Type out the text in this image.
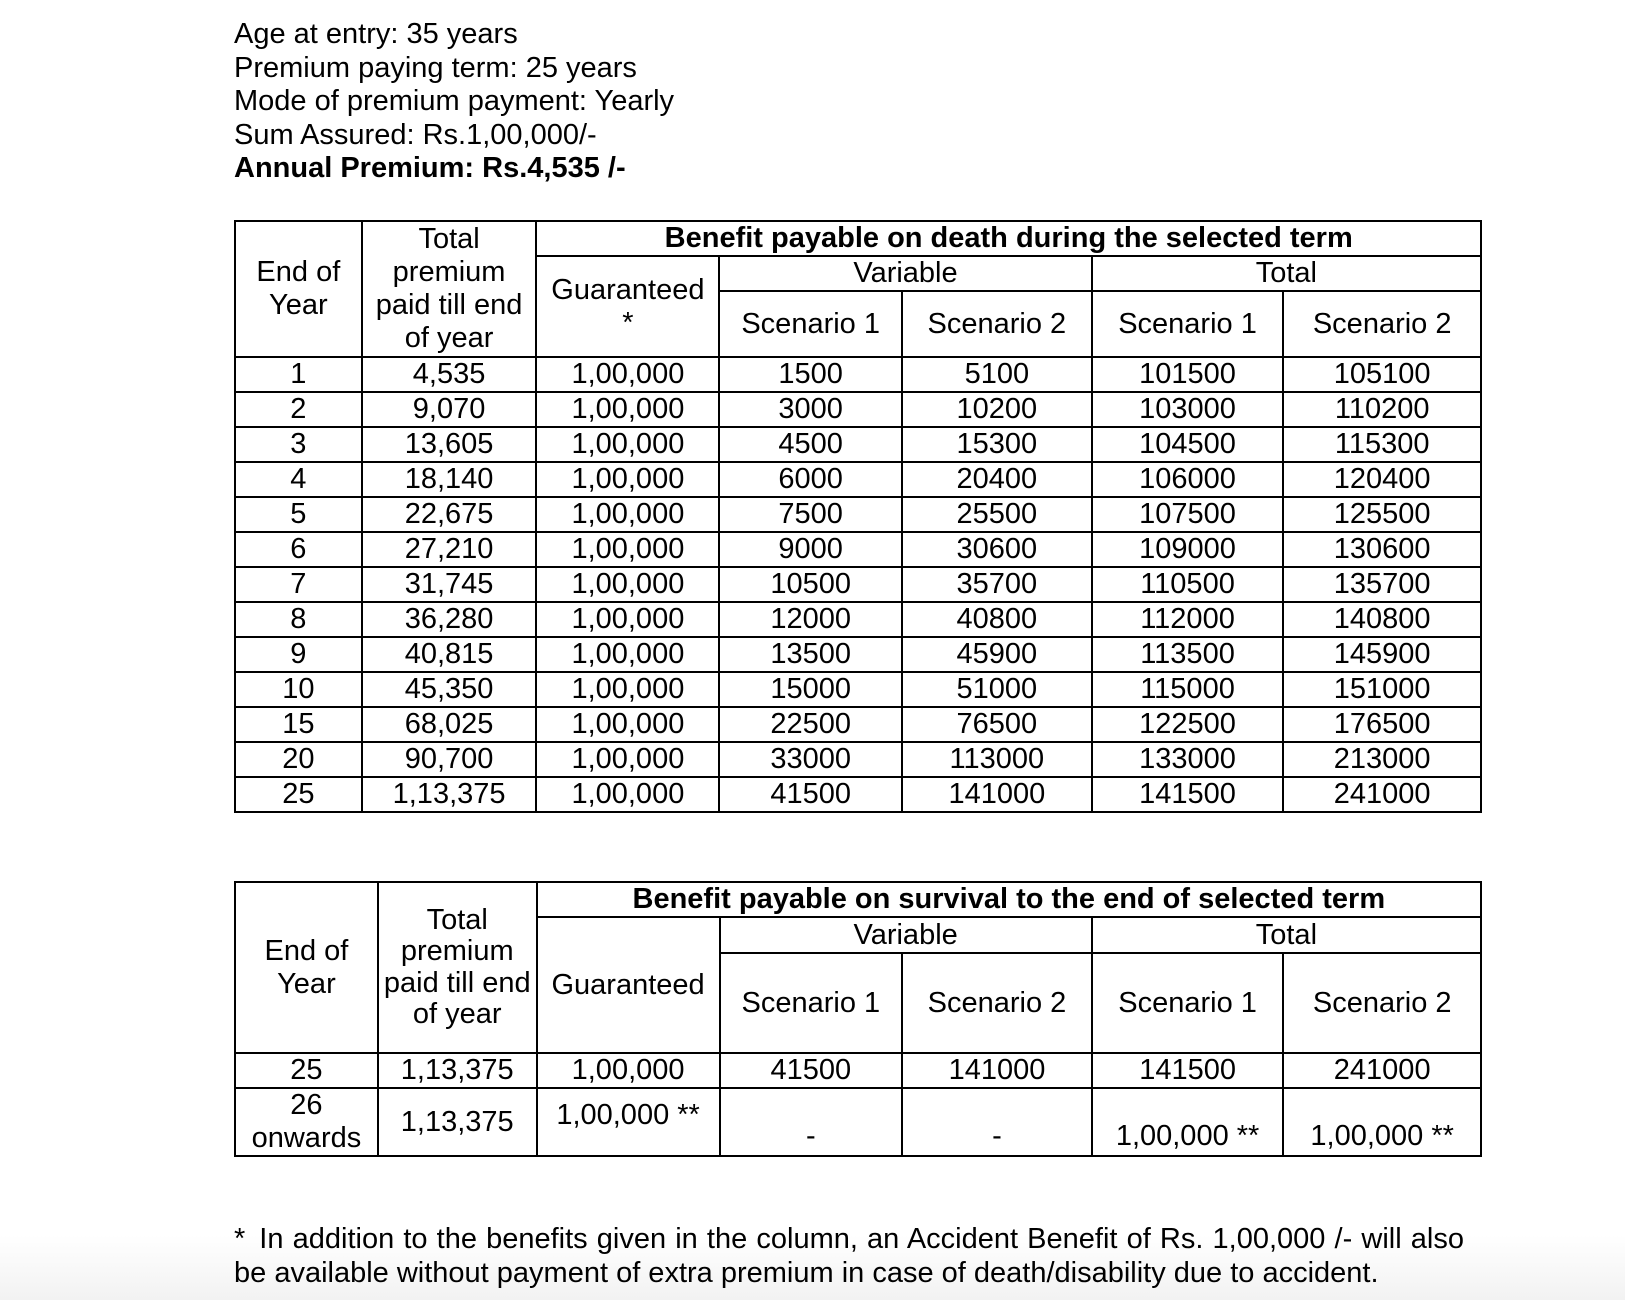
Age at entry: 35 years
Premium paying term: 25 years
Mode of premium payment: Yearly
Sum Assured: Rs.1,00,000/-
Annual Premium: Rs.4,535 /-
End of Year	Total premium paid till end of year	Benefit payable on death during the selected term				

		Guaranteed
*	Variable		Total	
			Scenario 1	Scenario 2	Scenario 1	Scenario 2
1	4,535	1,00,000	1500	5100	101500	105100
2	9,070	1,00,000	3000	10200	103000	110200
3	13,605	1,00,000	4500	15300	104500	115300
4	18,140	1,00,000	6000	20400	106000	120400
5	22,675	1,00,000	7500	25500	107500	125500
6	27,210	1,00,000	9000	30600	109000	130600
7	31,745	1,00,000	10500	35700	110500	135700
8	36,280	1,00,000	12000	40800	112000	140800
9	40,815	1,00,000	13500	45900	113500	145900
10	45,350	1,00,000	15000	51000	115000	151000
15	68,025	1,00,000	22500	76500	122500	176500
20	90,700	1,00,000	33000	113000	133000	213000
25	1,13,375	1,00,000	41500	141000	141500	241000
End of Year	Total premium paid till end of year	Benefit payable on survival to the end of selected term				
		Guaranteed	Variable		Total	
			Scenario 1	Scenario 2	Scenario 1	Scenario 2
25	1,13,375	1,00,000	41500	141000	141500	241000
26 onwards	1,13,375	1,00,000 **	-	-	1,00,000 **	1,00,000 **
* In addition to the benefits given in the column, an Accident Benefit of Rs. 1,00,000 /- will also be available without payment of extra premium in case of death/disability due to accident.
